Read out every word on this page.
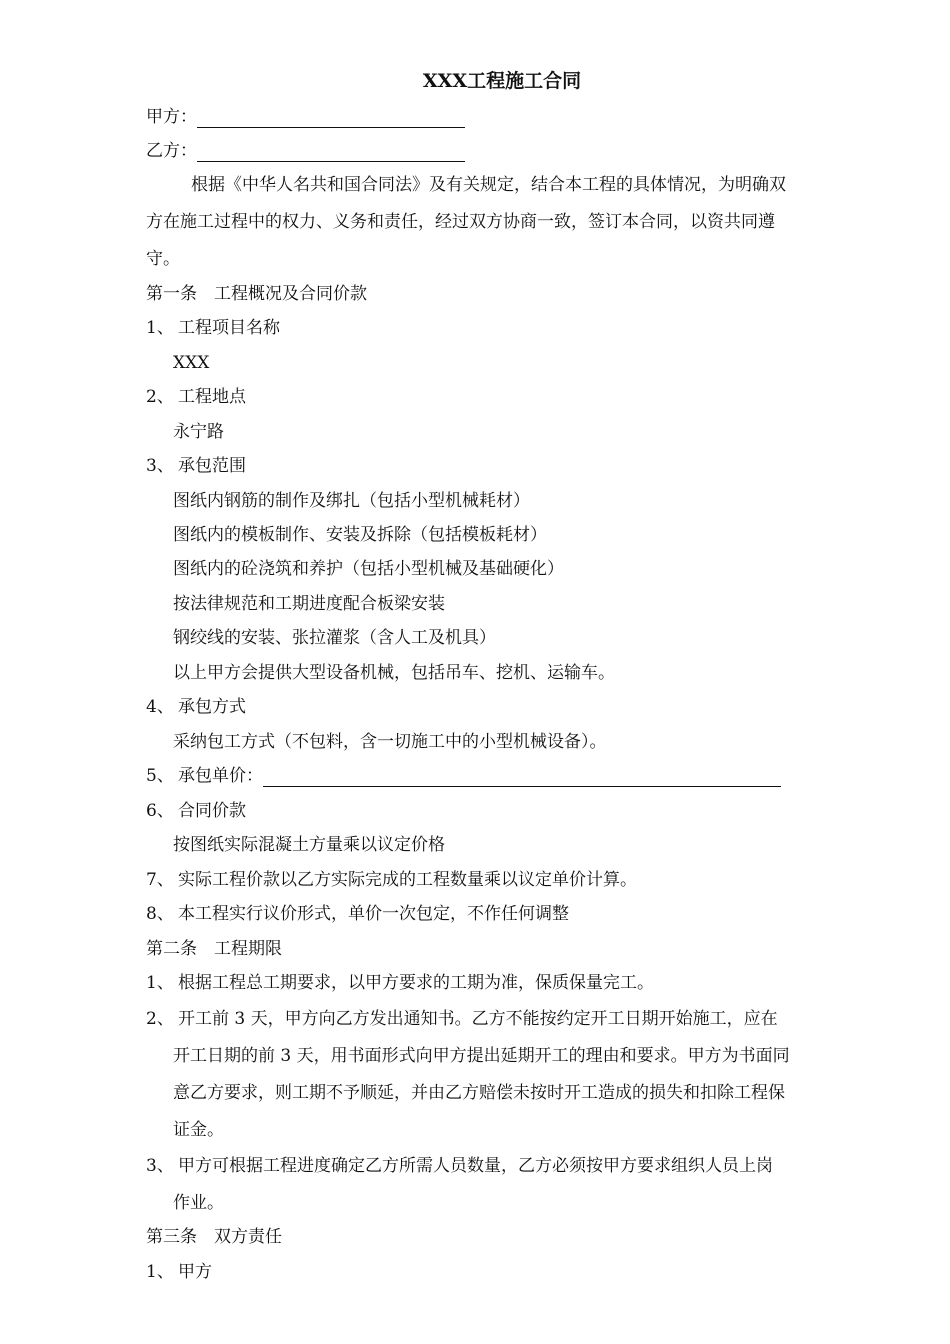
XXX工程施工合同
甲方：
乙方：
根据《中华人名共和国合同法》及有关规定，结合本工程的具体情况，为明确双
方在施工过程中的权力、义务和责任，经过双方协商一致，签订本合同，以资共同遵
守。
第一条　工程概况及合同价款
1、 工程项目名称
XXX
2、 工程地点
永宁路
3、 承包范围
图纸内钢筋的制作及绑扎（包括小型机械耗材）
图纸内的模板制作、安装及拆除（包括模板耗材）
图纸内的砼浇筑和养护（包括小型机械及基础硬化）
按法律规范和工期进度配合板梁安装
钢绞线的安装、张拉灌浆（含人工及机具）
以上甲方会提供大型设备机械，包括吊车、挖机、运输车。
4、 承包方式
采纳包工方式（不包料，含一切施工中的小型机械设备）。
5、 承包单价：
6、 合同价款
按图纸实际混凝土方量乘以议定价格
7、 实际工程价款以乙方实际完成的工程数量乘以议定单价计算。
8、 本工程实行议价形式，单价一次包定，不作任何调整
第二条　工程期限
1、 根据工程总工期要求，以甲方要求的工期为准，保质保量完工。
2、 开工前 3 天，甲方向乙方发出通知书。乙方不能按约定开工日期开始施工，应在
开工日期的前 3 天，用书面形式向甲方提出延期开工的理由和要求。甲方为书面同
意乙方要求，则工期不予顺延，并由乙方赔偿未按时开工造成的损失和扣除工程保
证金。
3、 甲方可根据工程进度确定乙方所需人员数量，乙方必须按甲方要求组织人员上岗
作业。
第三条　双方责任
1、 甲方
